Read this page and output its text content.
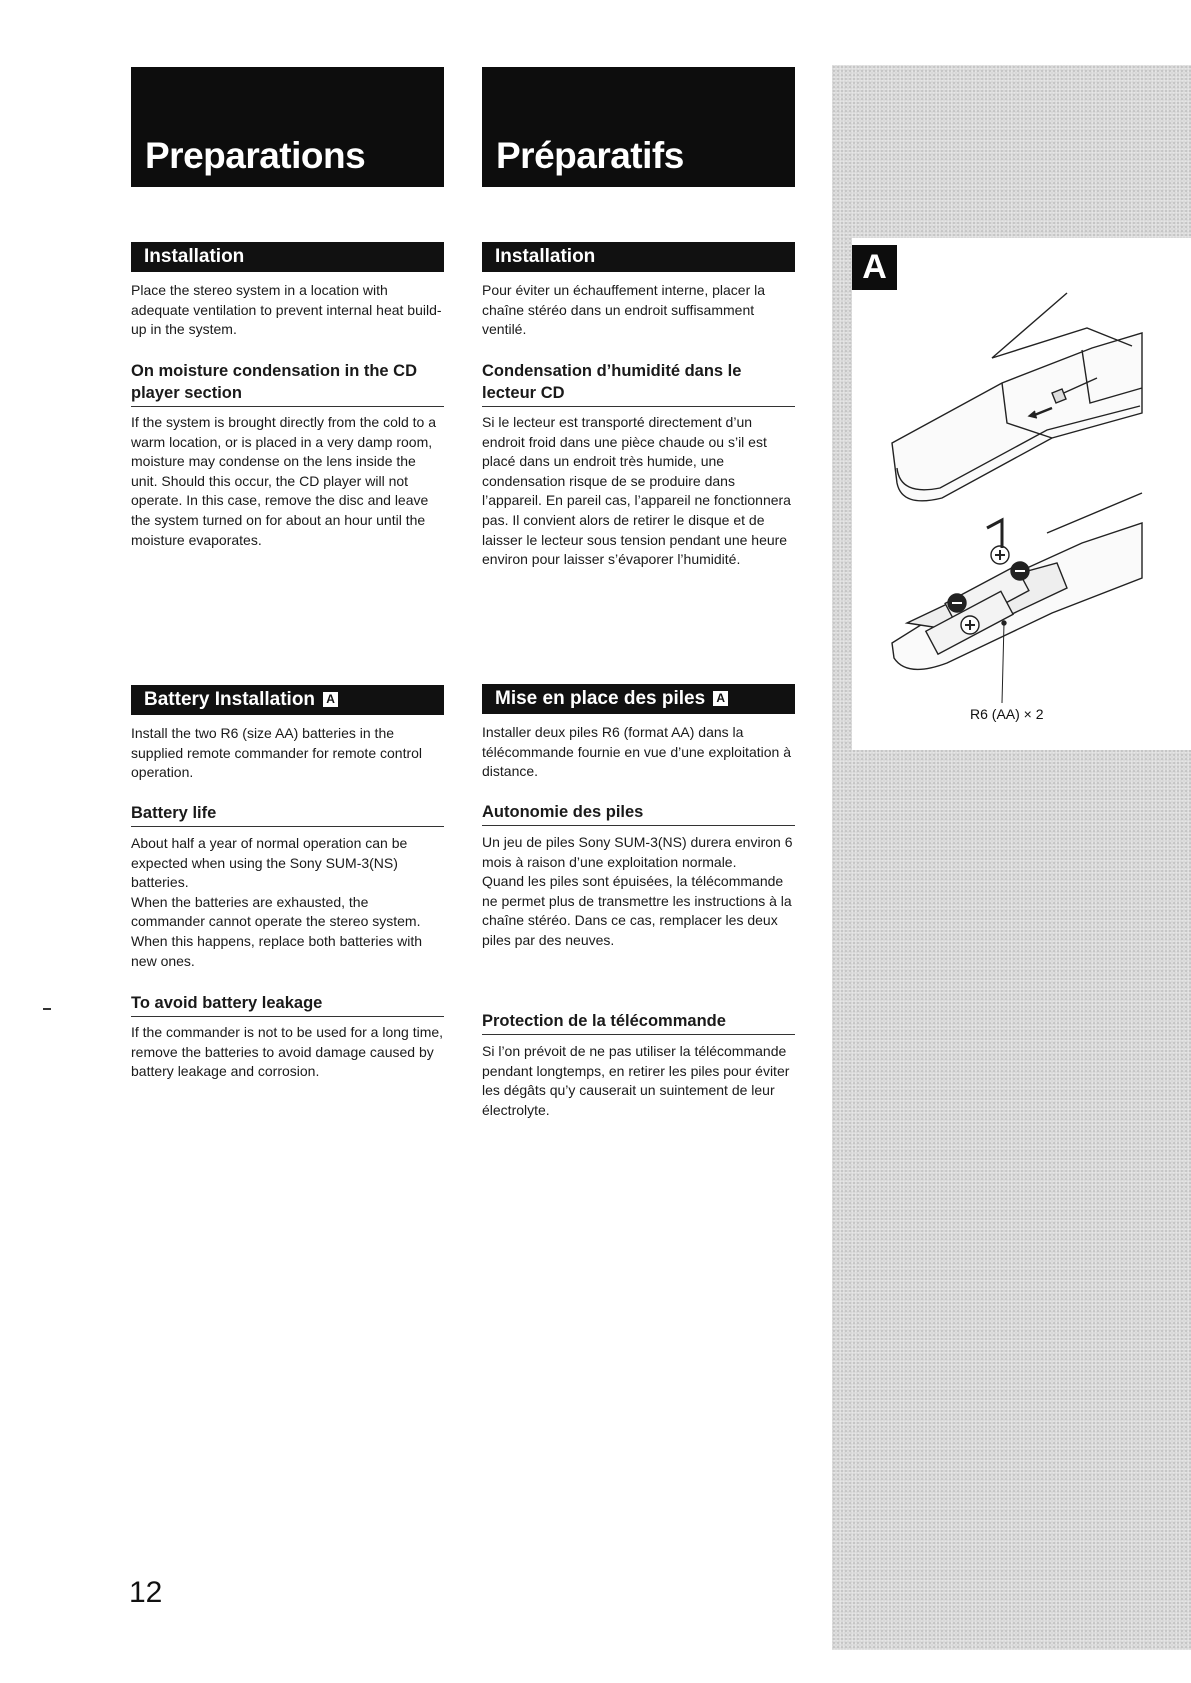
A
R6 (AA) × 2
Preparations	Préparatifs
Installation

Place the stereo system in a location with adequate ventilation to prevent internal heat build-up in the system.

On moisture condensation in the CD player section

If the system is brought directly from the cold to a warm location, or is placed in a very damp room, moisture may condense on the lens inside the unit. Should this occur, the CD player will not operate. In this case, remove the disc and leave the system turned on for about an hour until the moisture evaporates.

Battery Installation A

Install the two R6 (size AA) batteries in the supplied remote commander for remote control operation.

Battery life

About half a year of normal operation can be expected when using the Sony SUM-3(NS) batteries.
When the batteries are exhausted, the commander cannot operate the stereo system. When this happens, replace both batteries with new ones.

To avoid battery leakage

If the commander is not to be used for a long time, remove the batteries to avoid damage caused by battery leakage and corrosion.

Installation

Pour éviter un échauffement interne, placer la chaîne stéréo dans un endroit suffisamment ventilé.

Condensation d’humidité dans le lecteur CD

Si le lecteur est transporté directement d’un endroit froid dans une pièce chaude ou s’il est placé dans un endroit très humide, une condensation risque de se produire dans l’appareil. En pareil cas, l’appareil ne fonctionnera pas. Il convient alors de retirer le disque et de laisser le lecteur sous tension pendant une heure environ pour laisser s’évaporer l’humidité.

Mise en place des piles A

Installer deux piles R6 (format AA) dans la télécommande fournie en vue d’une exploitation à distance.

Autonomie des piles

Un jeu de piles Sony SUM-3(NS) durera environ 6 mois à raison d’une exploitation normale.
Quand les piles sont épuisées, la télécommande ne permet plus de transmettre les instructions à la chaîne stéréo. Dans ce cas, remplacer les deux piles par des neuves.

Protection de la télécommande

Si l’on prévoit de ne pas utiliser la télécommande pendant longtemps, en retirer les piles pour éviter les dégâts qu’y causerait un suintement de leur électrolyte.

12
